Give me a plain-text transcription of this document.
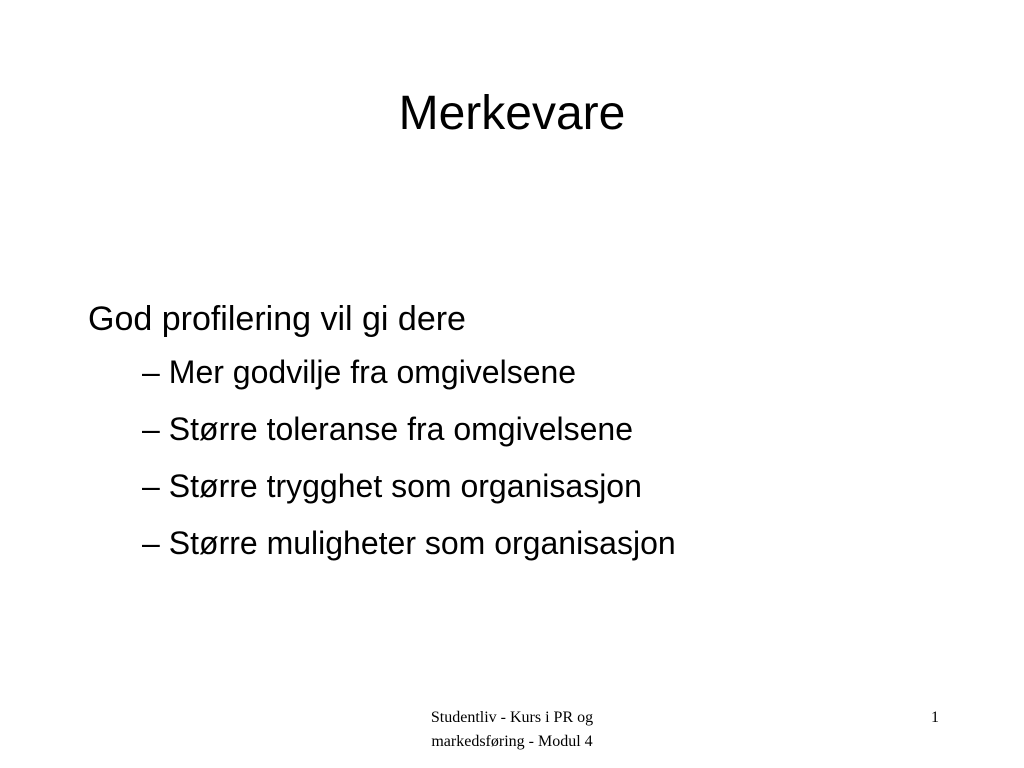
Merkevare

God profilering vil gi dere

– Mer godvilje fra omgivelsene
– Større toleranse fra omgivelsene
– Større trygghet som organisasjon
– Større muligheter som organisasjon
Studentliv - Kurs i PR og
markedsføring - Modul 4
1
